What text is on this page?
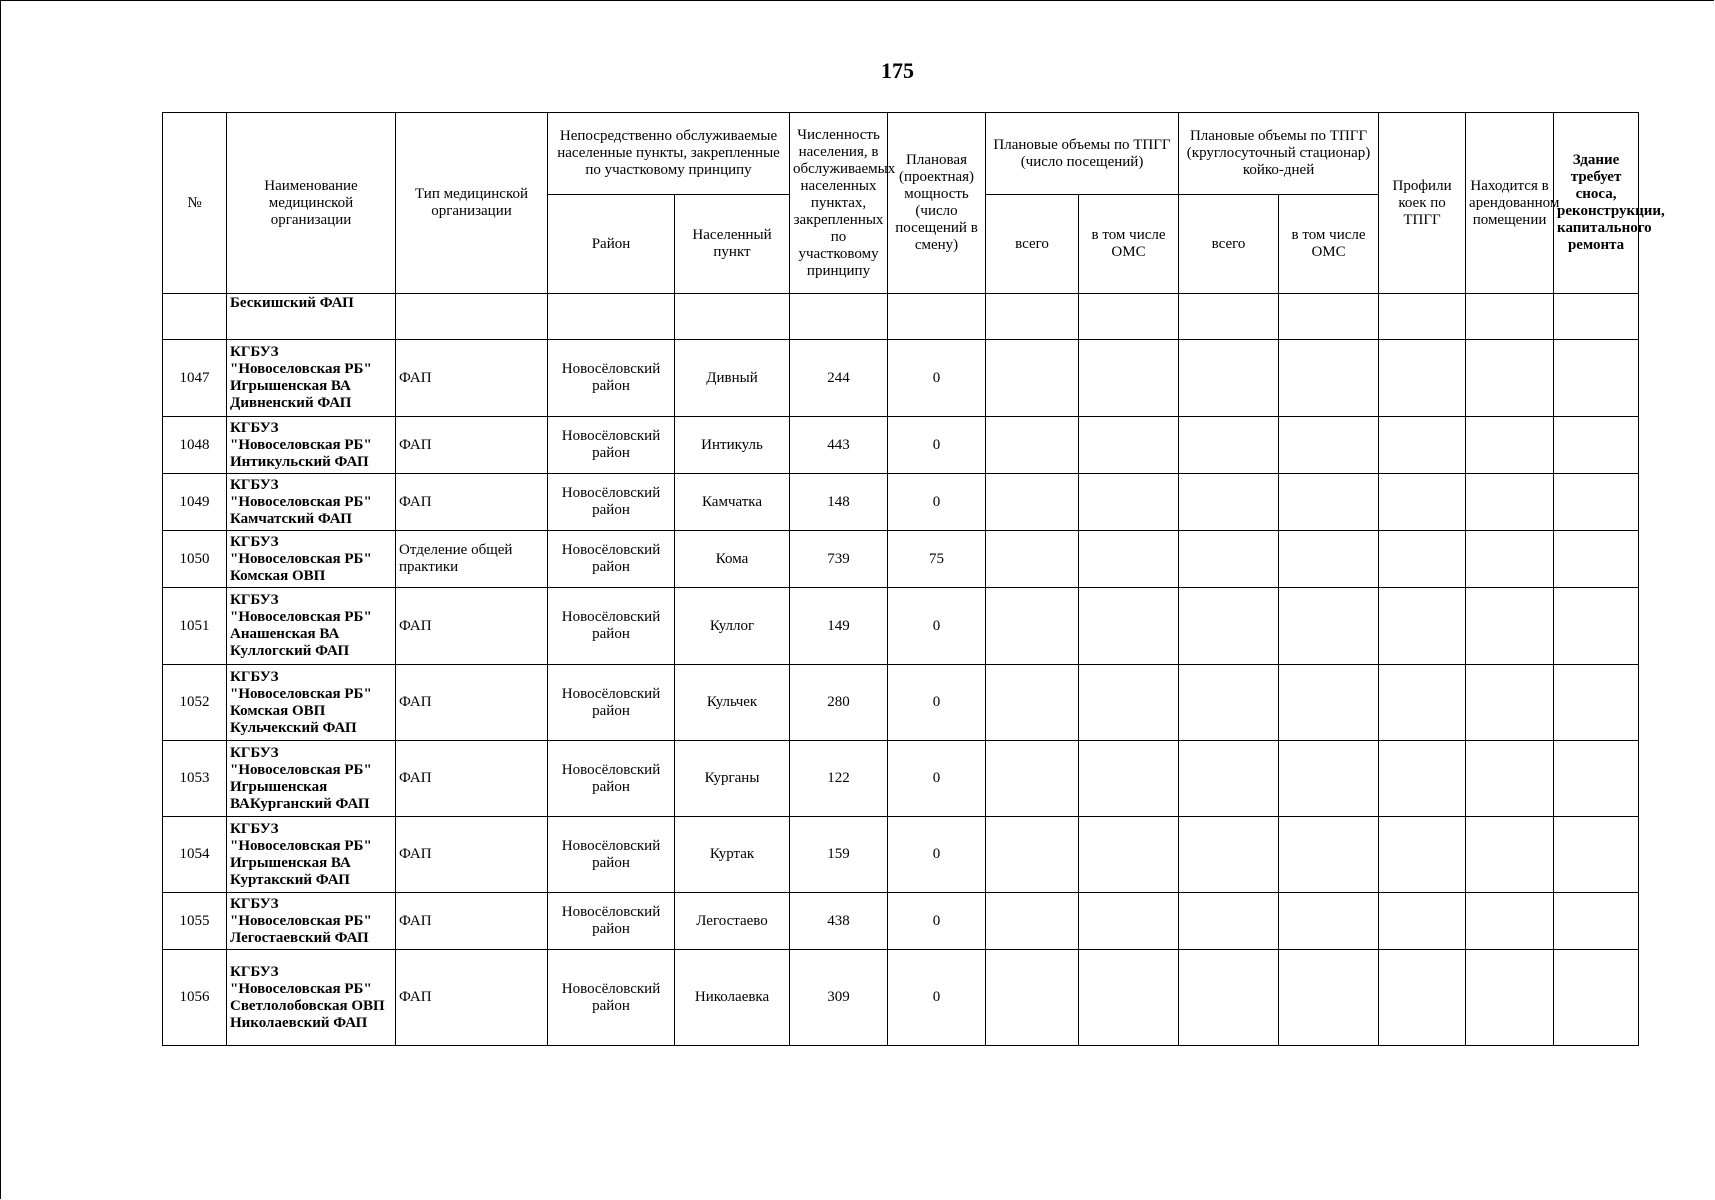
175
№	Наименование медицинской организации	Тип медицинской организации	Непосредственно обслуживаемые населенные пункты, закрепленные по участковому принципу		Численность населения, в обслуживаемых населенных пунктах, закрепленных по участковому принципу	Плановая (проектная) мощность (число посещений в смену)	Плановые объемы по ТПГГ (число посещений)		Плановые объемы по ТПГГ (круглосуточный стационар) койко-дней		Профили коек по ТПГГ	Находится в арендованном помещении	Здание требует сноса, реконструкции, капитального ремонта
			Район	Населенный пункт			всего	в том числе ОМС	всего	в том числе ОМС			
	Бескишский ФАП												
1047	КГБУЗ "Новоселовская РБ" Игрышенская ВА Дивненский ФАП	ФАП	Новосёловский район	Дивный	244	0							
1048	КГБУЗ "Новоселовская РБ" Интикульский ФАП	ФАП	Новосёловский район	Интикуль	443	0							
1049	КГБУЗ "Новоселовская РБ" Камчатский ФАП	ФАП	Новосёловский район	Камчатка	148	0							
1050	КГБУЗ "Новоселовская РБ" Комская ОВП	Отделение общей практики	Новосёловский район	Кома	739	75							
1051	КГБУЗ "Новоселовская РБ" Анашенская ВА Куллогский ФАП	ФАП	Новосёловский район	Куллог	149	0							
1052	КГБУЗ "Новоселовская РБ" Комская ОВП Кульчекский ФАП	ФАП	Новосёловский район	Кульчек	280	0							
1053	КГБУЗ "Новоселовская РБ" Игрышенская ВАКурганский ФАП	ФАП	Новосёловский район	Курганы	122	0							
1054	КГБУЗ "Новоселовская РБ" Игрышенская ВА Куртакский ФАП	ФАП	Новосёловский район	Куртак	159	0							
1055	КГБУЗ "Новоселовская РБ" Легостаевский ФАП	ФАП	Новосёловский район	Легостаево	438	0							
1056	КГБУЗ "Новоселовская РБ" Светлолобовская ОВП Николаевский ФАП	ФАП	Новосёловский район	Николаевка	309	0							
